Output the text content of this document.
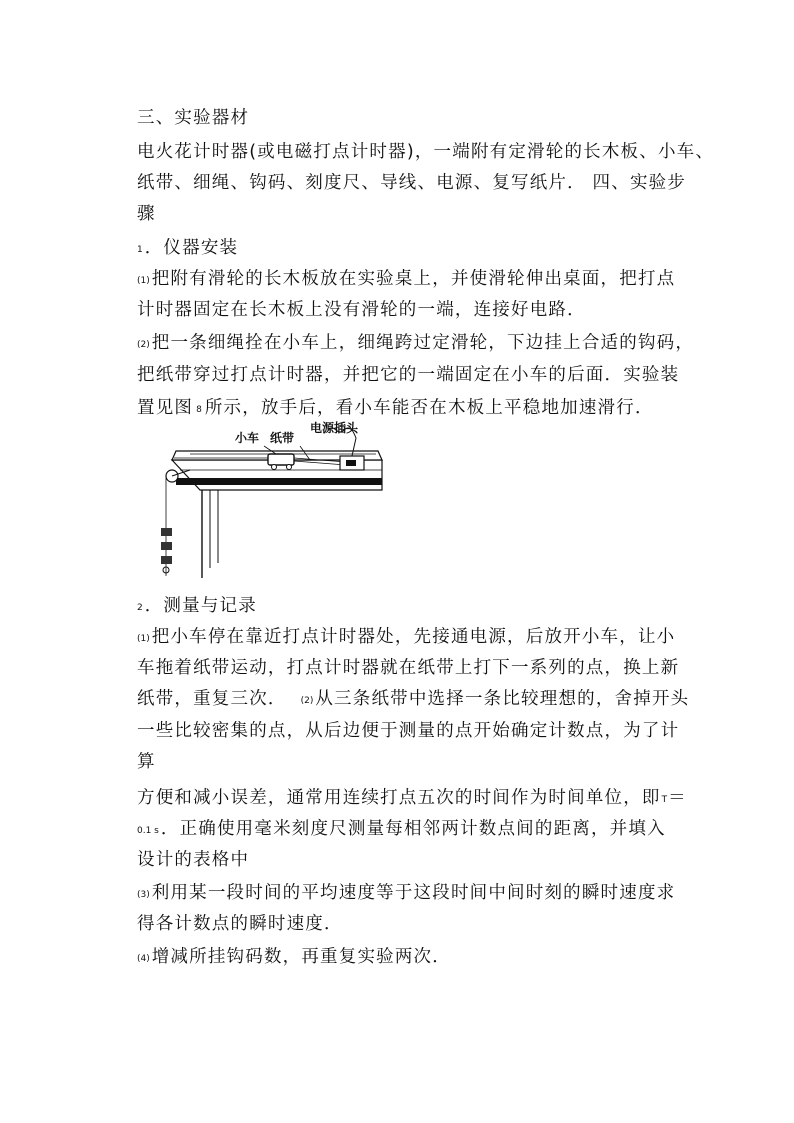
三、实验器材
电火花计时器(或电磁打点计时器)，一端附有定滑轮的长木板、小车、
纸带、细绳、钩码、刻度尺、导线、电源、复写纸片． 四、实验步
骤
1 ．仪器安装
(1) 把附有滑轮的长木板放在实验桌上，并使滑轮伸出桌面，把打点
计时器固定在长木板上没有滑轮的一端，连接好电路．
(2) 把一条细绳拴在小车上，细绳跨过定滑轮，下边挂上合适的钩码，
把纸带穿过打点计时器，并把它的一端固定在小车的后面．实验装
置见图 8 所示，放手后，看小车能否在木板上平稳地加速滑行．
小车 纸带
电源插头
2 ．测量与记录
(1) 把小车停在靠近打点计时器处，先接通电源，后放开小车，让小
车拖着纸带运动，打点计时器就在纸带上打下一系列的点，换上新
纸带，重复三次． (2) 从三条纸带中选择一条比较理想的，舍掉开头
一些比较密集的点，从后边便于测量的点开始确定计数点，为了计
算
方便和减小误差，通常用连续打点五次的时间作为时间单位，即T＝
0.1 s ．正确使用毫米刻度尺测量每相邻两计数点间的距离，并填入
设计的表格中
(3) 利用某一段时间的平均速度等于这段时间中间时刻的瞬时速度求
得各计数点的瞬时速度．
(4) 增减所挂钩码数，再重复实验两次．
